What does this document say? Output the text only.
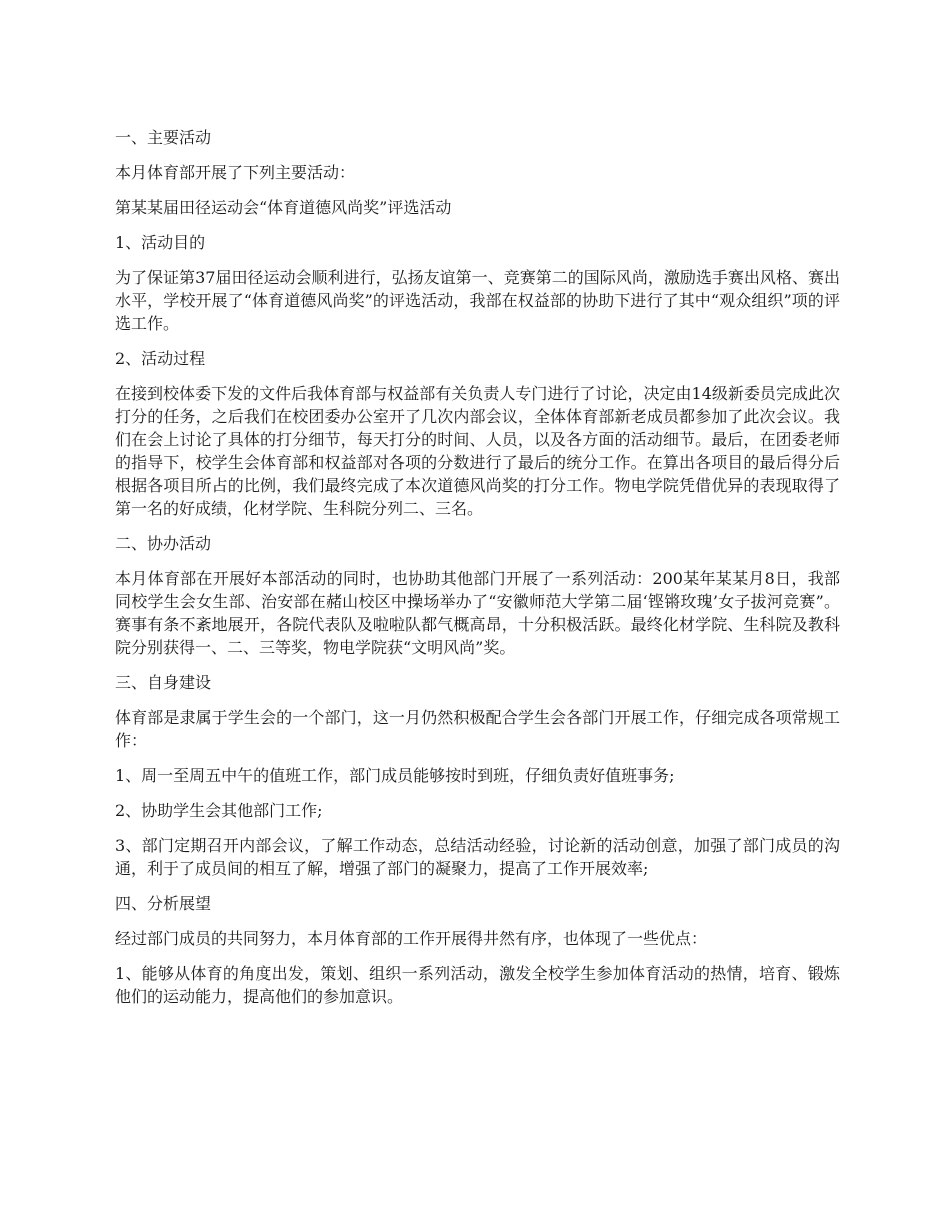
一、主要活动

本月体育部开展了下列主要活动：

第某某届田径运动会“体育道德风尚奖”评选活动

1、活动目的

为了保证第37届田径运动会顺利进行，弘扬友谊第一、竞赛第二的国际风尚，激励选手赛出风格、赛出水平，学校开展了“体育道德风尚奖”的评选活动，我部在权益部的协助下进行了其中“观众组织”项的评选工作。

2、活动过程

在接到校体委下发的文件后我体育部与权益部有关负责人专门进行了讨论，决定由14级新委员完成此次打分的任务，之后我们在校团委办公室开了几次内部会议，全体体育部新老成员都参加了此次会议。我们在会上讨论了具体的打分细节，每天打分的时间、人员，以及各方面的活动细节。最后，在团委老师的指导下，校学生会体育部和权益部对各项的分数进行了最后的统分工作。在算出各项目的最后得分后根据各项目所占的比例，我们最终完成了本次道德风尚奖的打分工作。物电学院凭借优异的表现取得了第一名的好成绩，化材学院、生科院分列二、三名。

二、协办活动

本月体育部在开展好本部活动的同时，也协助其他部门开展了一系列活动：200某年某某月8日，我部同校学生会女生部、治安部在赭山校区中操场举办了“安徽师范大学第二届‘铿锵玫瑰’女子拔河竞赛”。赛事有条不紊地展开，各院代表队及啦啦队都气概高昂，十分积极活跃。最终化材学院、生科院及教科院分别获得一、二、三等奖，物电学院获“文明风尚”奖。

三、自身建设

体育部是隶属于学生会的一个部门，这一月仍然积极配合学生会各部门开展工作，仔细完成各项常规工作：

1、周一至周五中午的值班工作，部门成员能够按时到班，仔细负责好值班事务;

2、协助学生会其他部门工作;

3、部门定期召开内部会议，了解工作动态，总结活动经验，讨论新的活动创意，加强了部门成员的沟通，利于了成员间的相互了解，增强了部门的凝聚力，提高了工作开展效率;

四、分析展望

经过部门成员的共同努力，本月体育部的工作开展得井然有序，也体现了一些优点：

1、能够从体育的角度出发，策划、组织一系列活动，激发全校学生参加体育活动的热情，培育、锻炼他们的运动能力，提高他们的参加意识。
